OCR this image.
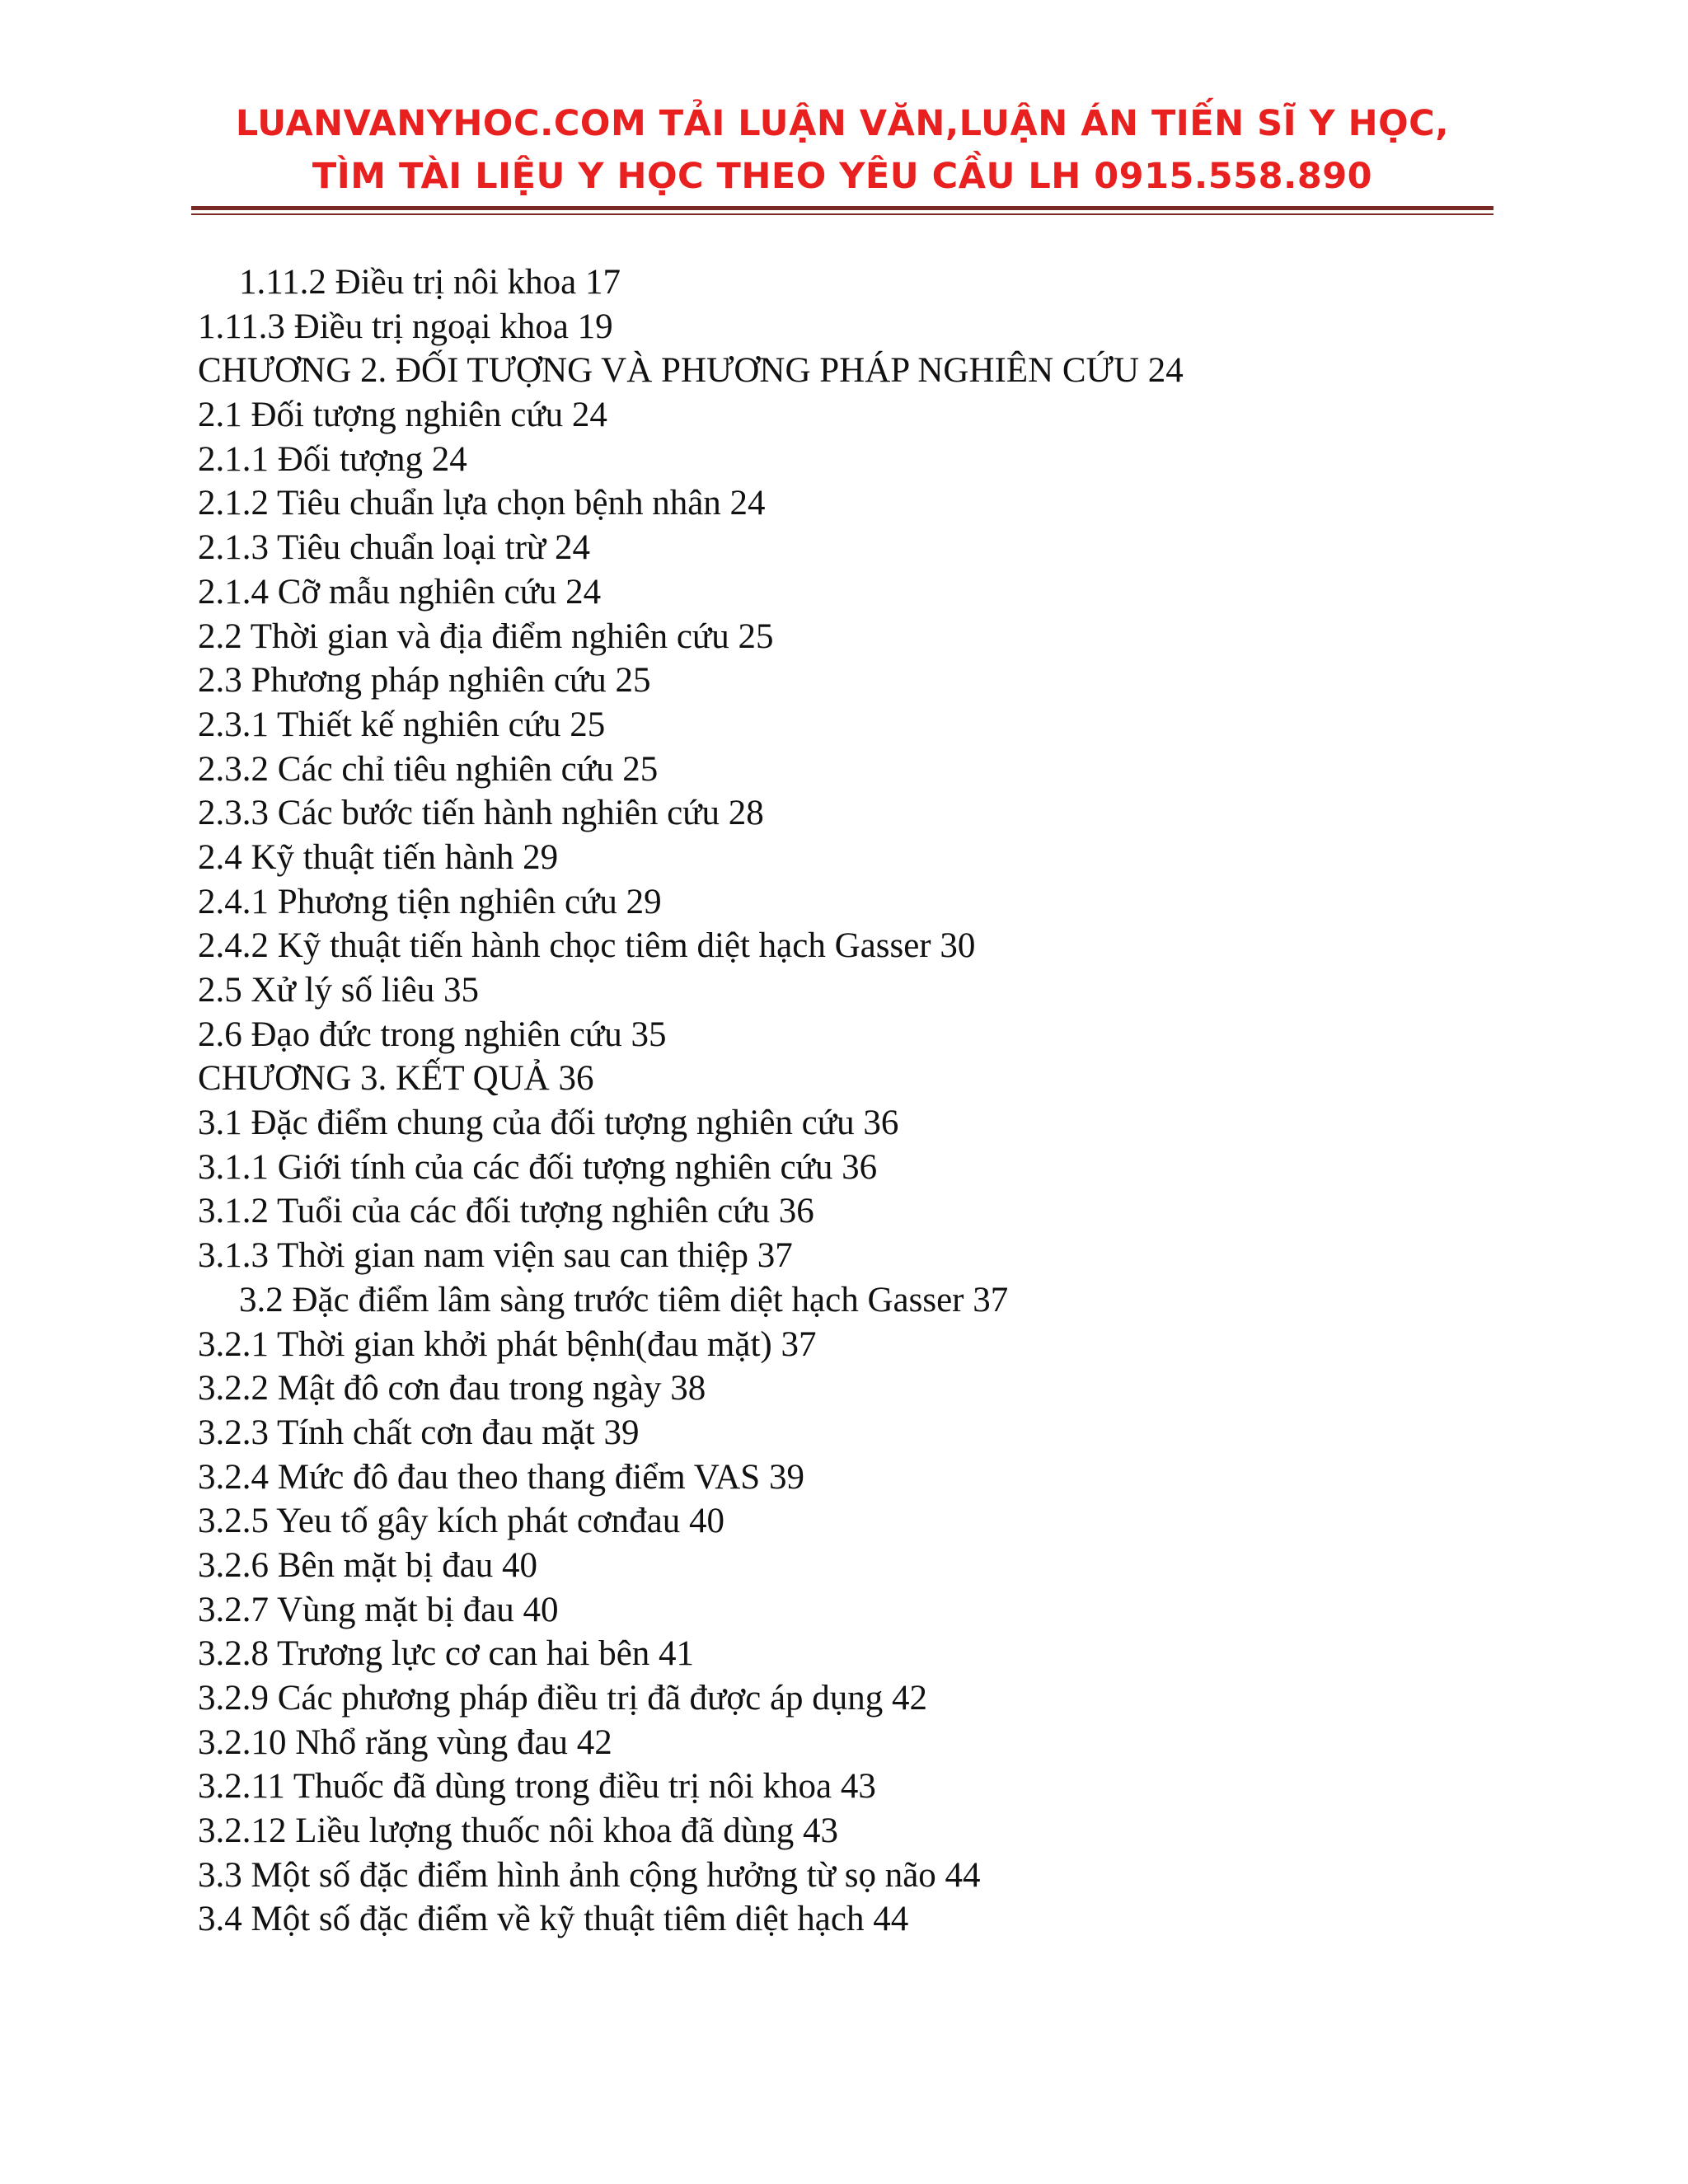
LUANVANYHOC.COM TẢI LUẬN VĂN,LUẬN ÁN TIẾN SĨ Y HỌC,
TÌM TÀI LIỆU Y HỌC THEO YÊU CẦU LH 0915.558.890
1.11.2 Điều trị nôi khoa 17
1.11.3 Điều trị ngoại khoa 19
CHƯƠNG 2. ĐỐI TƯỢNG VÀ PHƯƠNG PHÁP NGHIÊN CỨU 24
2.1 Đối tượng nghiên cứu 24
2.1.1 Đối tượng 24
2.1.2 Tiêu chuẩn lựa chọn bệnh nhân 24
2.1.3 Tiêu chuẩn loại trừ 24
2.1.4 Cỡ mẫu nghiên cứu 24
2.2 Thời gian và địa điểm nghiên cứu 25
2.3 Phương pháp nghiên cứu 25
2.3.1 Thiết kế nghiên cứu 25
2.3.2 Các chỉ tiêu nghiên cứu 25
2.3.3 Các bước tiến hành nghiên cứu 28
2.4 Kỹ thuật tiến hành 29
2.4.1 Phương tiện nghiên cứu 29
2.4.2 Kỹ thuật tiến hành chọc tiêm diệt hạch Gasser 30
2.5 Xử lý số liêu 35
2.6 Đạo đức trong nghiên cứu 35
CHƯƠNG 3. KẾT QUẢ 36
3.1 Đặc điểm chung của đối tượng nghiên cứu 36
3.1.1 Giới tính của các đối tượng nghiên cứu 36
3.1.2 Tuổi của các đối tượng nghiên cứu 36
3.1.3 Thời gian nam viện sau can thiệp 37
3.2 Đặc điểm lâm sàng trước tiêm diệt hạch Gasser 37
3.2.1 Thời gian khởi phát bệnh(đau mặt) 37
3.2.2 Mật đô cơn đau trong ngày 38
3.2.3 Tính chất cơn đau mặt 39
3.2.4 Mức đô đau theo thang điểm VAS 39
3.2.5 Yeu tố gây kích phát cơnđau 40
3.2.6 Bên mặt bị đau 40
3.2.7 Vùng mặt bị đau 40
3.2.8 Trương lực cơ can hai bên 41
3.2.9 Các phương pháp điều trị đã được áp dụng 42
3.2.10 Nhổ răng vùng đau 42
3.2.11 Thuốc đã dùng trong điều trị nôi khoa 43
3.2.12 Liều lượng thuốc nôi khoa đã dùng 43
3.3 Một số đặc điểm hình ảnh cộng hưởng từ sọ não 44
3.4 Một số đặc điểm về kỹ thuật tiêm diệt hạch 44
